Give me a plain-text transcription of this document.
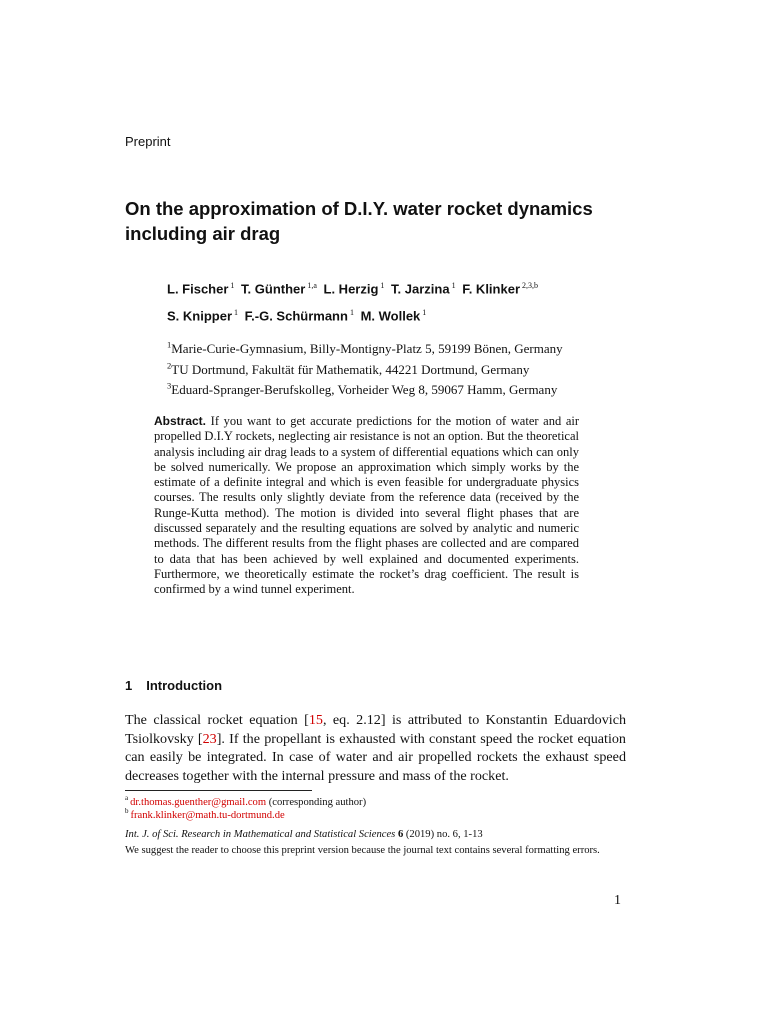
Preprint
On the approximation of D.I.Y. water rocket dynamics including air drag
L. Fischer $^1$ T. Günther $^{1,a}$ L. Herzig $^1$ T. Jarzina $^1$ F. Klinker $^{2,3,b}$
S. Knipper $^1$ F.-G. Schürmann $^1$ M. Wollek $^1$
$^1$Marie-Curie-Gymnasium, Billy-Montigny-Platz 5, 59199 Bönen, Germany
$^2$TU Dortmund, Fakultät für Mathematik, 44221 Dortmund, Germany
$^3$Eduard-Spranger-Berufskolleg, Vorheider Weg 8, 59067 Hamm, Germany
Abstract. If you want to get accurate predictions for the motion of water and air propelled D.I.Y rockets, neglecting air resistance is not an option. But the theoretical analysis including air drag leads to a system of differential equations which can only be solved numerically. We propose an approximation which simply works by the estimate of a definite integral and which is even feasible for undergraduate physics courses. The results only slightly deviate from the reference data (received by the Runge-Kutta method). The motion is divided into several flight phases that are discussed separately and the resulting equations are solved by analytic and numeric methods. The different results from the flight phases are collected and are compared to data that has been achieved by well explained and documented experiments. Furthermore, we theoretically estimate the rocket’s drag coefficient. The result is confirmed by a wind tunnel experiment.
1 Introduction
The classical rocket equation [15, eq. 2.12] is attributed to Konstantin Eduardovich Tsiolkovsky [23]. If the propellant is exhausted with constant speed the rocket equation can easily be integrated. In case of water and air propelled rockets the exhaust speed decreases together with the internal pressure and mass of the rocket.
$^a$ dr.thomas.guenther@gmail.com (corresponding author)
$^b$ frank.klinker@math.tu-dortmund.de
Int. J. of Sci. Research in Mathematical and Statistical Sciences 6 (2019) no. 6, 1-13
We suggest the reader to choose this preprint version because the journal text contains several formatting errors.
1
